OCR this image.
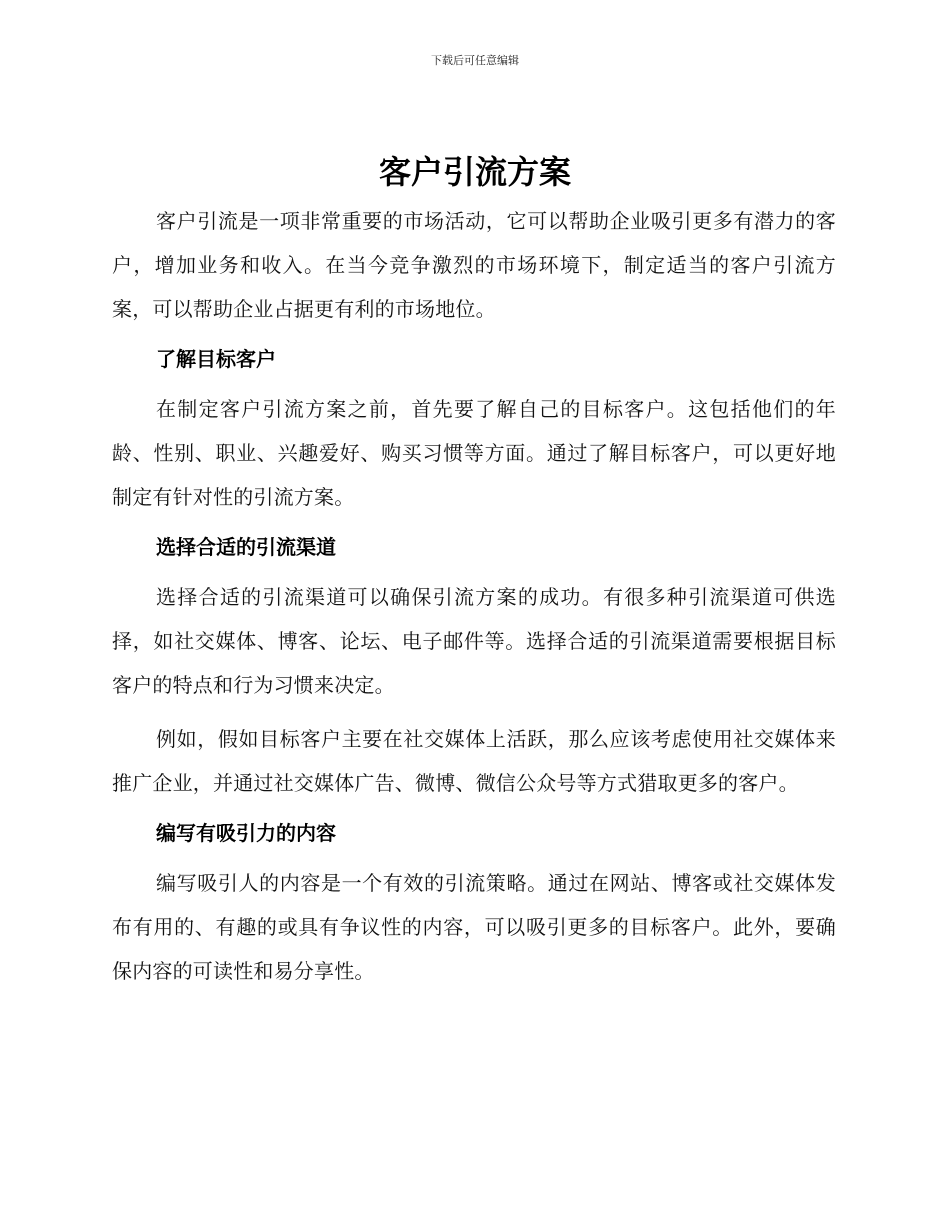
下载后可任意编辑
客户引流方案

客户引流是一项非常重要的市场活动，它可以帮助企业吸引更多有潜力的客户，增加业务和收入。在当今竞争激烈的市场环境下，制定适当的客户引流方案，可以帮助企业占据更有利的市场地位。

了解目标客户

在制定客户引流方案之前，首先要了解自己的目标客户。这包括他们的年龄、性别、职业、兴趣爱好、购买习惯等方面。通过了解目标客户，可以更好地制定有针对性的引流方案。

选择合适的引流渠道

选择合适的引流渠道可以确保引流方案的成功。有很多种引流渠道可供选择，如社交媒体、博客、论坛、电子邮件等。选择合适的引流渠道需要根据目标客户的特点和行为习惯来决定。

例如，假如目标客户主要在社交媒体上活跃，那么应该考虑使用社交媒体来推广企业，并通过社交媒体广告、微博、微信公众号等方式猎取更多的客户。

编写有吸引力的内容

编写吸引人的内容是一个有效的引流策略。通过在网站、博客或社交媒体发布有用的、有趣的或具有争议性的内容，可以吸引更多的目标客户。此外，要确保内容的可读性和易分享性。
